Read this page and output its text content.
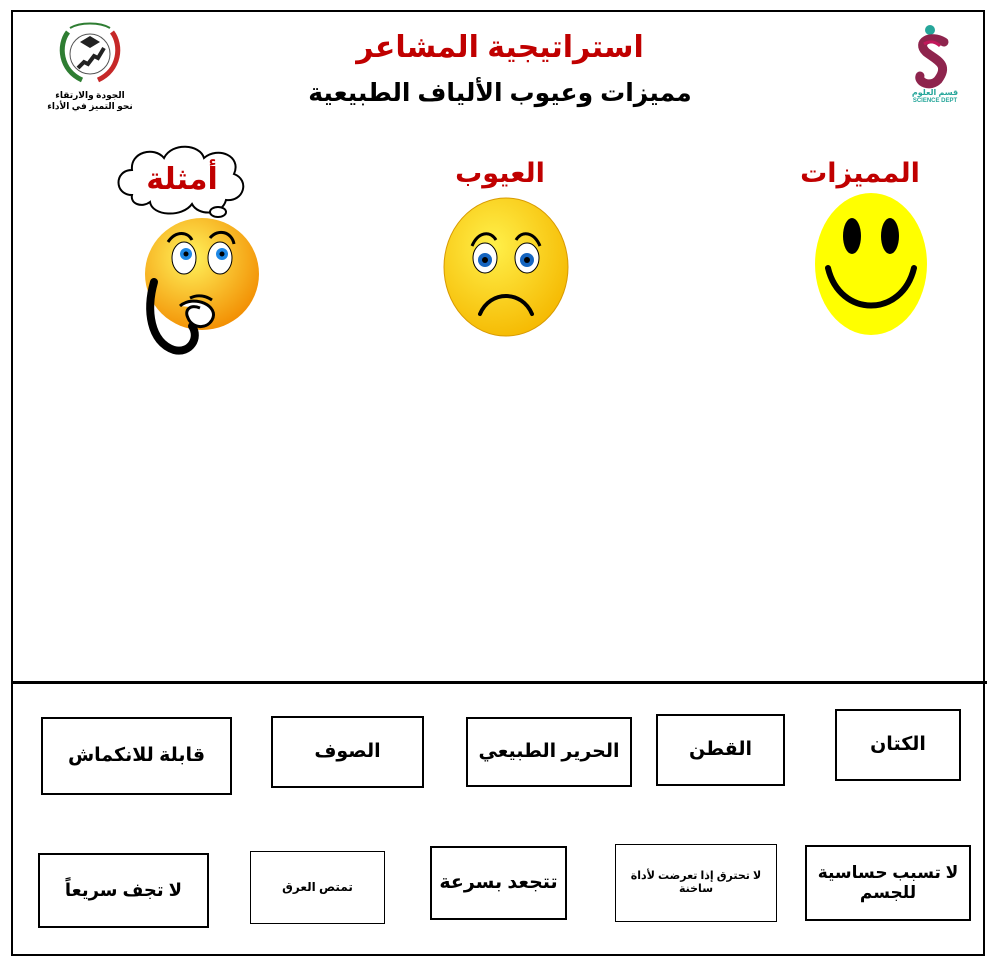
الجودة والارتقاء
نحو التميز في الأداء
قسم العلوم
SCIENCE DEPT
استراتيجية المشاعر
مميزات وعيوب الألياف الطبيعية
المميزات
العيوب
أمثلة
الكتان
القطن
الحرير الطبيعي
الصوف
قابلة للانكماش
لا تسبب حساسية للجسم
لا تحترق إذا تعرضت لأداة ساخنة
تتجعد بسرعة
تمتص العرق
لا تجف سريعاً
